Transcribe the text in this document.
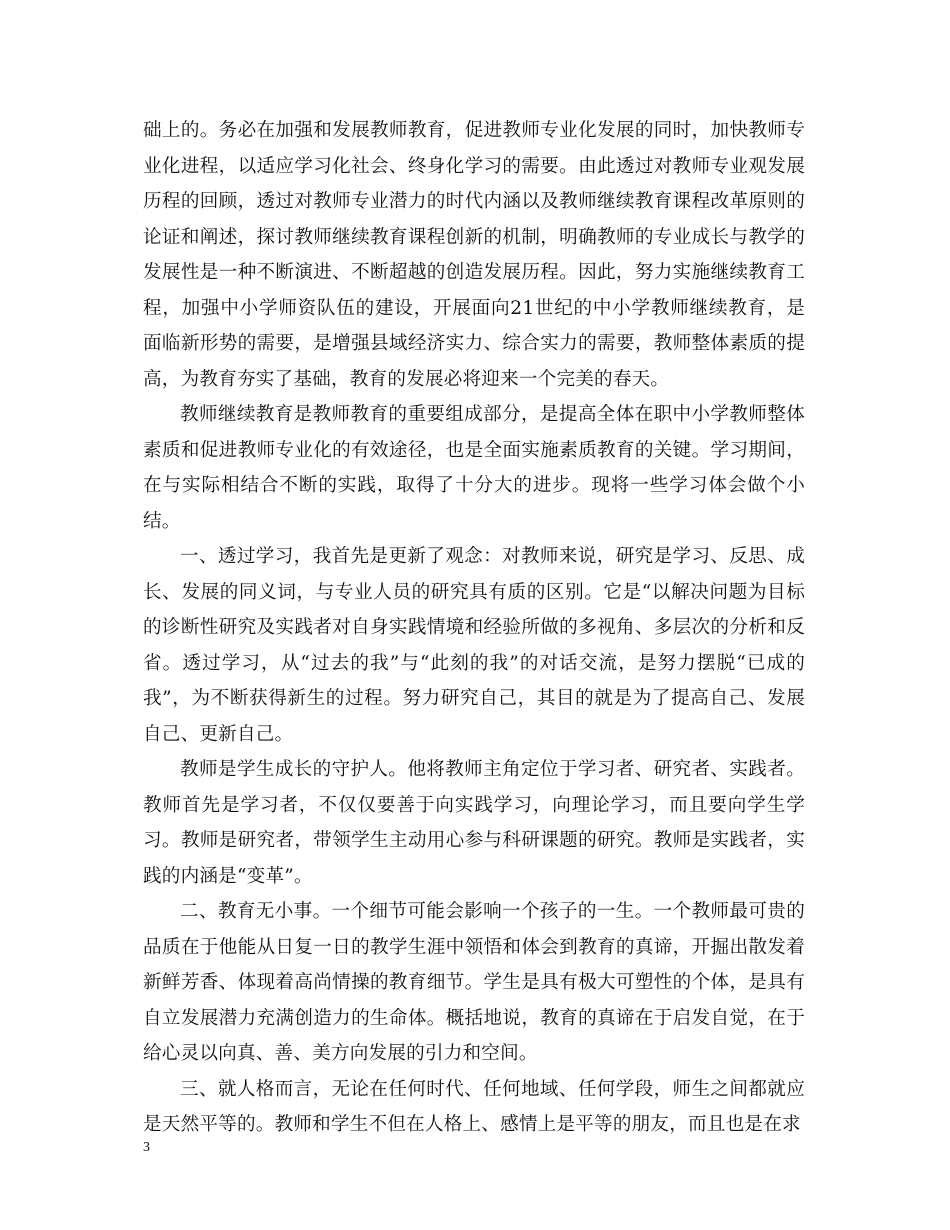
础上的。务必在加强和发展教师教育，促进教师专业化发展的同时，加快教师专业化进程，以适应学习化社会、终身化学习的需要。由此透过对教师专业观发展历程的回顾，透过对教师专业潜力的时代内涵以及教师继续教育课程改革原则的论证和阐述，探讨教师继续教育课程创新的机制，明确教师的专业成长与教学的发展性是一种不断演进、不断超越的创造发展历程。因此，努力实施继续教育工程，加强中小学师资队伍的建设，开展面向21世纪的中小学教师继续教育，是面临新形势的需要，是增强县域经济实力、综合实力的需要，教师整体素质的提高，为教育夯实了基础，教育的发展必将迎来一个完美的春天。

教师继续教育是教师教育的重要组成部分，是提高全体在职中小学教师整体素质和促进教师专业化的有效途径，也是全面实施素质教育的关键。学习期间，在与实际相结合不断的实践，取得了十分大的进步。现将一些学习体会做个小结。

一、透过学习，我首先是更新了观念：对教师来说，研究是学习、反思、成长、发展的同义词，与专业人员的研究具有质的区别。它是“以解决问题为目标的诊断性研究及实践者对自身实践情境和经验所做的多视角、多层次的分析和反省。透过学习，从“过去的我”与“此刻的我”的对话交流，是努力摆脱“已成的我”，为不断获得新生的过程。努力研究自己，其目的就是为了提高自己、发展自己、更新自己。

教师是学生成长的守护人。他将教师主角定位于学习者、研究者、实践者。教师首先是学习者，不仅仅要善于向实践学习，向理论学习，而且要向学生学习。教师是研究者，带领学生主动用心参与科研课题的研究。教师是实践者，实践的内涵是“变革”。

二、教育无小事。一个细节可能会影响一个孩子的一生。一个教师最可贵的品质在于他能从日复一日的教学生涯中领悟和体会到教育的真谛，开掘出散发着新鲜芳香、体现着高尚情操的教育细节。学生是具有极大可塑性的个体，是具有自立发展潜力充满创造力的生命体。概括地说，教育的真谛在于启发自觉，在于给心灵以向真、善、美方向发展的引力和空间。

三、就人格而言，无论在任何时代、任何地域、任何学段，师生之间都就应是天然平等的。教师和学生不但在人格上、感情上是平等的朋友，而且也是在求

3
